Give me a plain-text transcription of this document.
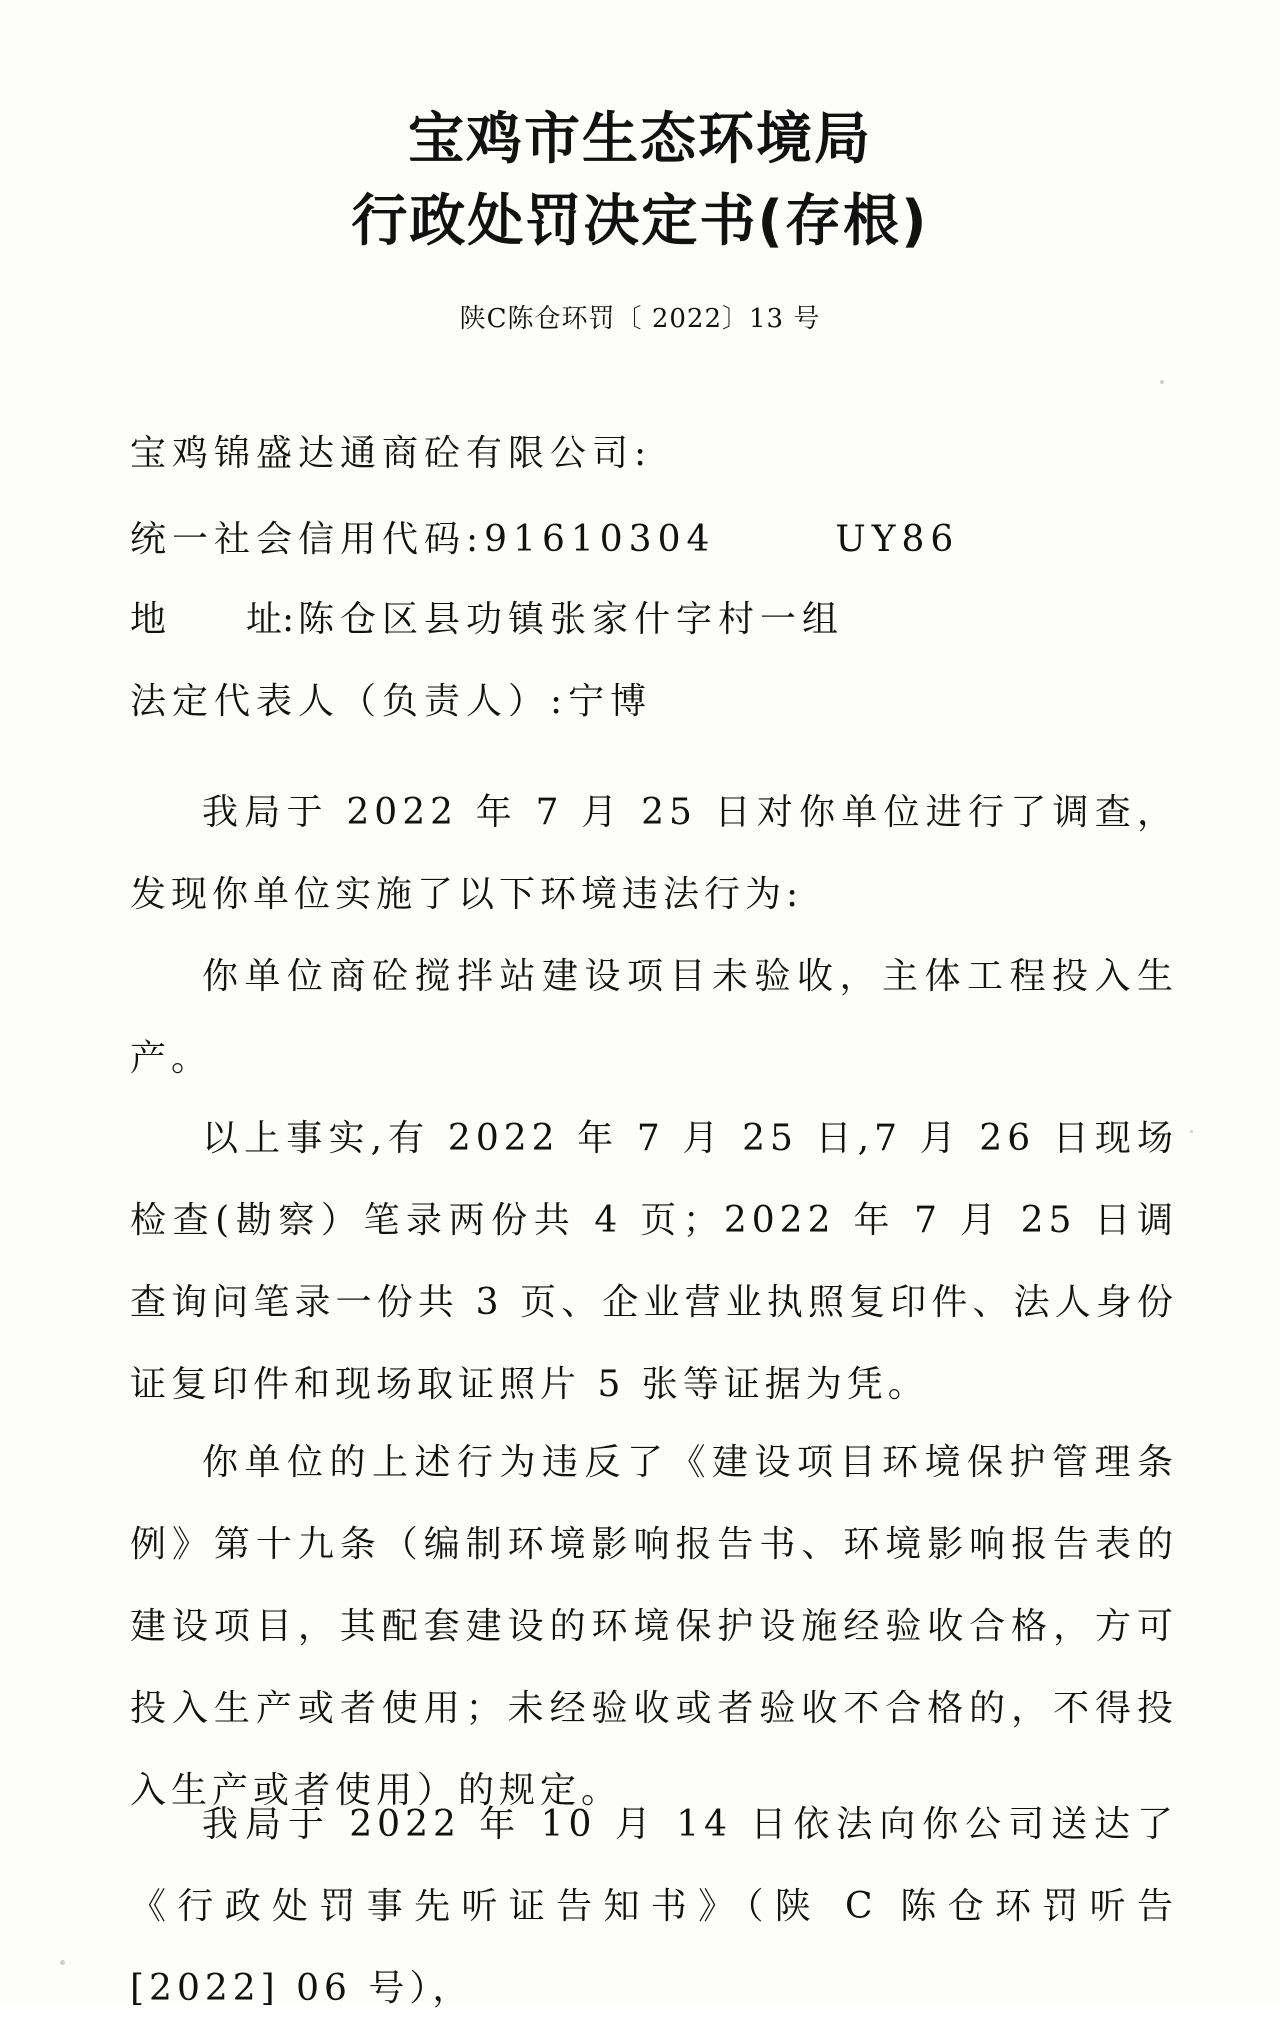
宝鸡市生态环境局
行政处罚决定书(存根)
陕C陈仓环罚〔 2022〕13 号
宝鸡锦盛达通商砼有限公司:
统一社会信用代码:91610304	UY86
地 址: 陈仓区县功镇张家什字村一组
法定代表人（负责人）:宁博

我局于 2022 年 7 月 25 日对你单位进行了调查，发现你单位实施了以下环境违法行为:

你单位商砼搅拌站建设项目未验收，主体工程投入生产。

以上事实,有 2022 年 7 月 25 日,7 月 26 日现场检查(勘察）笔录两份共 4 页；2022 年 7 月 25 日调查询问笔录一份共 3 页、企业营业执照复印件、法人身份证复印件和现场取证照片 5 张等证据为凭。

你单位的上述行为违反了《建设项目环境保护管理条例》第十九条（编制环境影响报告书、环境影响报告表的建设项目，其配套建设的环境保护设施经验收合格，方可投入生产或者使用；未经验收或者验收不合格的，不得投入生产或者使用）的规定。

我局于 2022 年 10 月 14 日依法向你公司送达了《行政处罚事先听证告知书》（陕 C 陈仓环罚听告 [2022] 06 号），
